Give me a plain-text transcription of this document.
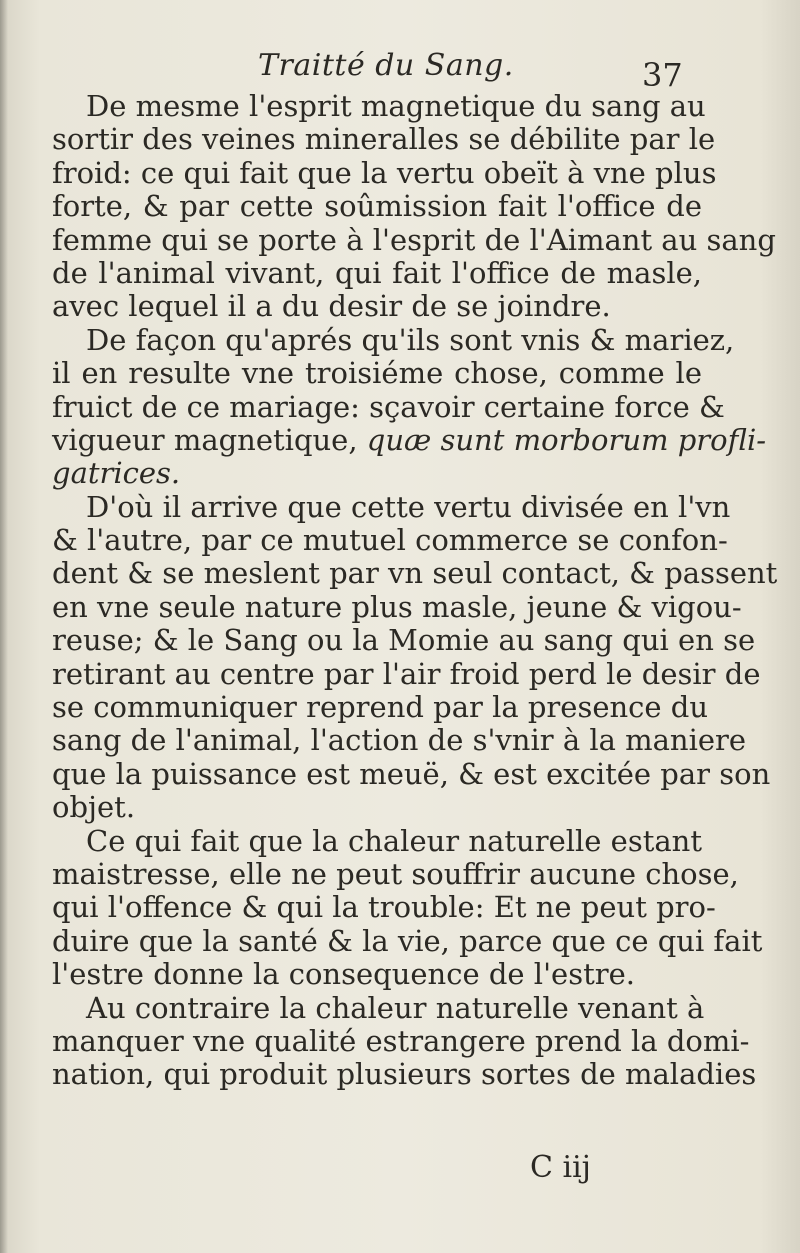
Traitté du Sang.	37
De mesme l'esprit magnetique du sang au
sortir des veines mineralles se débilite par le
froid: ce qui fait que la vertu obeït à vne plus
forte, & par cette soûmission fait l'office de
femme qui se porte à l'esprit de l'Aimant au sang
de l'animal vivant, qui fait l'office de masle,
avec lequel il a du desir de se joindre.
De façon qu'aprés qu'ils sont vnis & mariez,
il en resulte vne troisiéme chose, comme le
fruict de ce mariage: sçavoir certaine force &
vigueur magnetique, quæ sunt morborum profli-
gatrices.
D'où il arrive que cette vertu divisée en l'vn
& l'autre, par ce mutuel commerce se confon-
dent & se meslent par vn seul contact, & passent
en vne seule nature plus masle, jeune & vigou-
reuse; & le Sang ou la Momie au sang qui en se
retirant au centre par l'air froid perd le desir de
se communiquer reprend par la presence du
sang de l'animal, l'action de s'vnir à la maniere
que la puissance est meuë, & est excitée par son
objet.
Ce qui fait que la chaleur naturelle estant
maistresse, elle ne peut souffrir aucune chose,
qui l'offence & qui la trouble: Et ne peut pro-
duire que la santé & la vie, parce que ce qui fait
l'estre donne la consequence de l'estre.
Au contraire la chaleur naturelle venant à
manquer vne qualité estrangere prend la domi-
nation, qui produit plusieurs sortes de maladies
C iij
